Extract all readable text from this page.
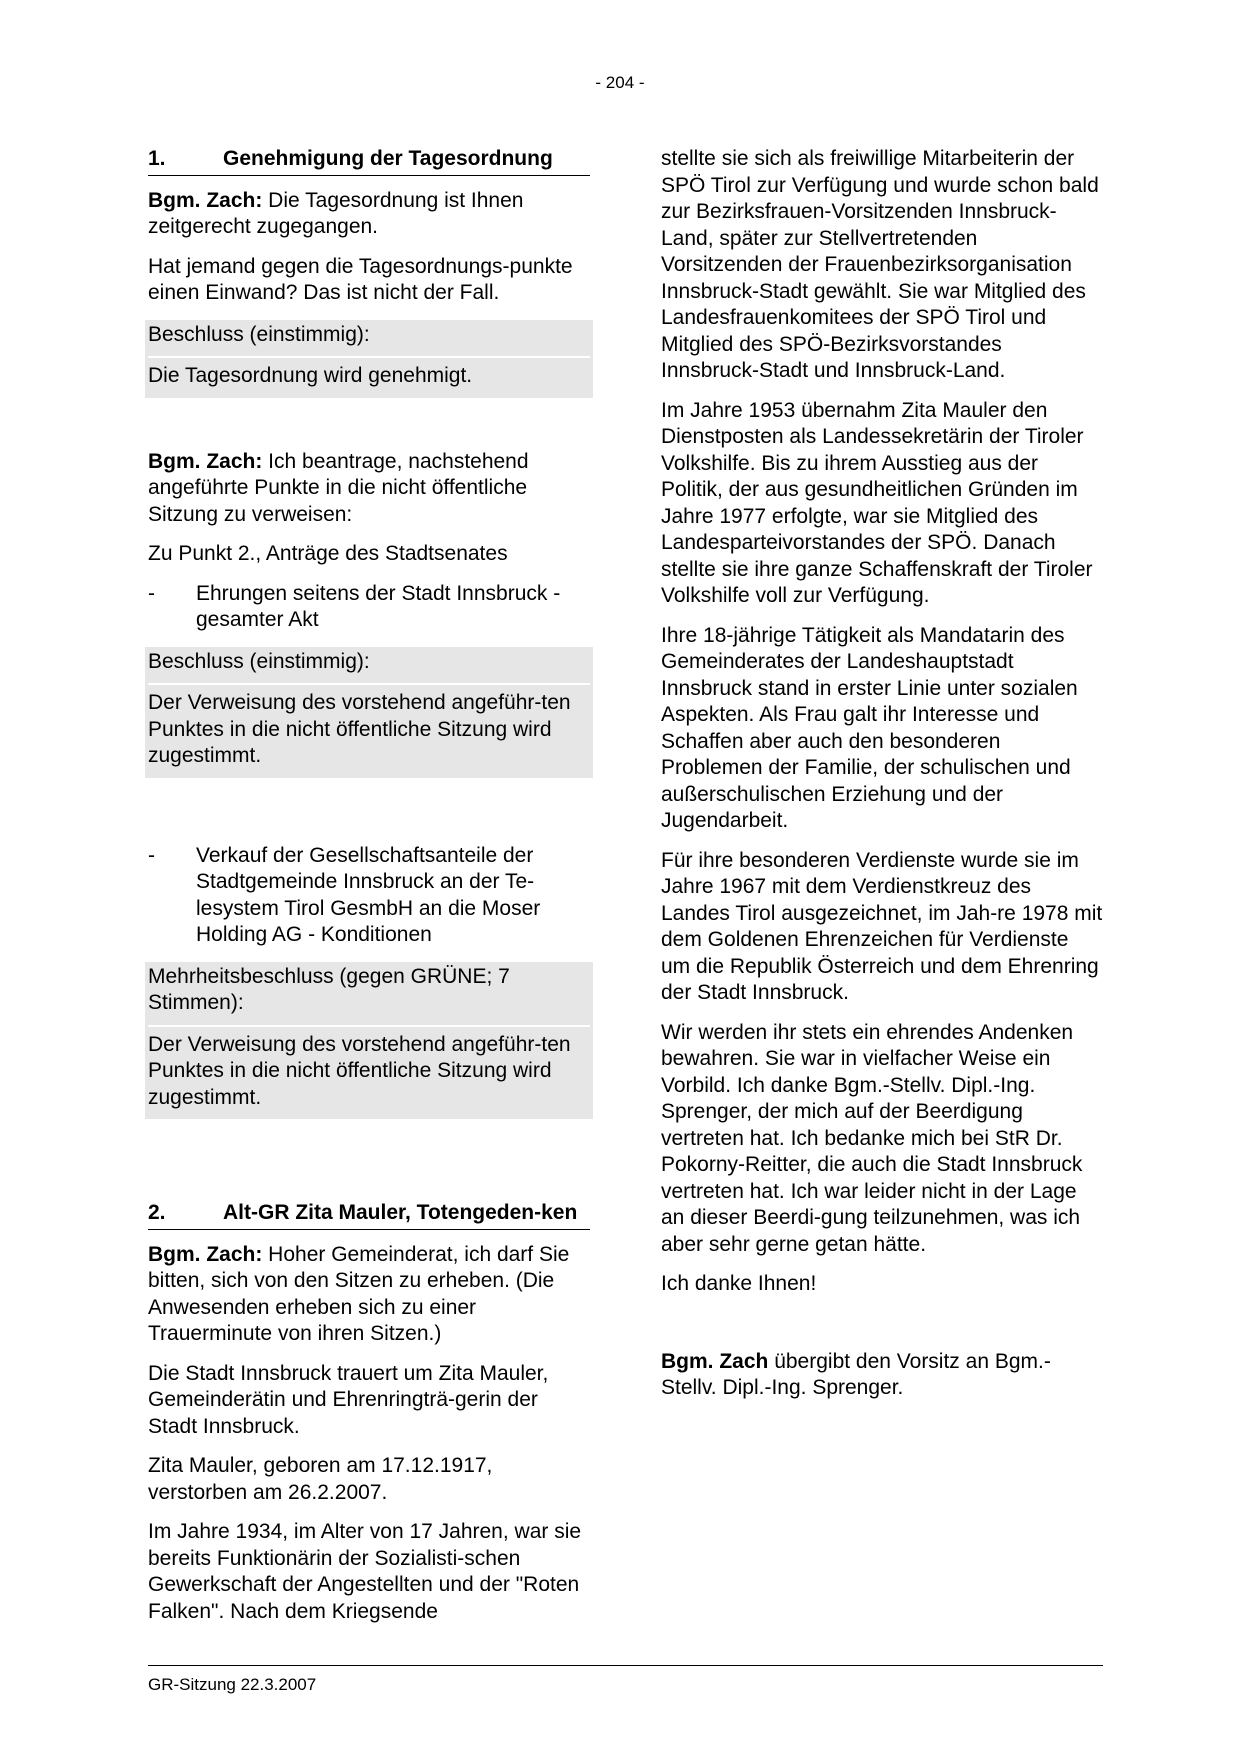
- 204 -
1.	Genehmigung der Tagesordnung

Bgm. Zach: Die Tagesordnung ist Ihnen zeitgerecht zugegangen.

Hat jemand gegen die Tagesordnungs-punkte einen Einwand? Das ist nicht der Fall.

Beschluss (einstimmig):

Die Tagesordnung wird genehmigt.

Bgm. Zach: Ich beantrage, nachstehend angeführte Punkte in die nicht öffentliche Sitzung zu verweisen:

Zu Punkt 2., Anträge des Stadtsenates

-	Ehrungen seitens der Stadt Innsbruck - gesamter Akt

Beschluss (einstimmig):

Der Verweisung des vorstehend angeführ-ten Punktes in die nicht öffentliche Sitzung wird zugestimmt.

-	Verkauf der Gesellschaftsanteile der Stadtgemeinde Innsbruck an der Te-lesystem Tirol GesmbH an die Moser Holding AG - Konditionen

Mehrheitsbeschluss (gegen GRÜNE; 7 Stimmen):

Der Verweisung des vorstehend angeführ-ten Punktes in die nicht öffentliche Sitzung wird zugestimmt.

2.	Alt-GR Zita Mauler, Totengeden-ken

Bgm. Zach: Hoher Gemeinderat, ich darf Sie bitten, sich von den Sitzen zu erheben. (Die Anwesenden erheben sich zu einer Trauerminute von ihren Sitzen.)

Die Stadt Innsbruck trauert um Zita Mauler, Gemeinderätin und Ehrenringträ-gerin der Stadt Innsbruck.

Zita Mauler, geboren am 17.12.1917, verstorben am 26.2.2007.

Im Jahre 1934, im Alter von 17 Jahren, war sie bereits Funktionärin der Sozialisti-schen Gewerkschaft der Angestellten und der "Roten Falken". Nach dem Kriegsende

stellte sie sich als freiwillige Mitarbeiterin der SPÖ Tirol zur Verfügung und wurde schon bald zur Bezirksfrauen-Vorsitzenden Innsbruck-Land, später zur Stellvertretenden Vorsitzenden der Frauenbezirksorganisation Innsbruck-Stadt gewählt. Sie war Mitglied des Landesfrauenkomitees der SPÖ Tirol und Mitglied des SPÖ-Bezirksvorstandes Innsbruck-Stadt und Innsbruck-Land.

Im Jahre 1953 übernahm Zita Mauler den Dienstposten als Landessekretärin der Tiroler Volkshilfe. Bis zu ihrem Ausstieg aus der Politik, der aus gesundheitlichen Gründen im Jahre 1977 erfolgte, war sie Mitglied des Landesparteivorstandes der SPÖ. Danach stellte sie ihre ganze Schaffenskraft der Tiroler Volkshilfe voll zur Verfügung.

Ihre 18-jährige Tätigkeit als Mandatarin des Gemeinderates der Landeshauptstadt Innsbruck stand in erster Linie unter sozialen Aspekten. Als Frau galt ihr Interesse und Schaffen aber auch den besonderen Problemen der Familie, der schulischen und außerschulischen Erziehung und der Jugendarbeit.

Für ihre besonderen Verdienste wurde sie im Jahre 1967 mit dem Verdienstkreuz des Landes Tirol ausgezeichnet, im Jah-re 1978 mit dem Goldenen Ehrenzeichen für Verdienste um die Republik Österreich und dem Ehrenring der Stadt Innsbruck.

Wir werden ihr stets ein ehrendes Andenken bewahren. Sie war in vielfacher Weise ein Vorbild. Ich danke Bgm.-Stellv. Dipl.-Ing. Sprenger, der mich auf der Beerdigung vertreten hat. Ich bedanke mich bei StR Dr. Pokorny-Reitter, die auch die Stadt Innsbruck vertreten hat. Ich war leider nicht in der Lage an dieser Beerdi-gung teilzunehmen, was ich aber sehr gerne getan hätte.

Ich danke Ihnen!

Bgm. Zach übergibt den Vorsitz an Bgm.-Stellv. Dipl.-Ing. Sprenger.

GR-Sitzung 22.3.2007
